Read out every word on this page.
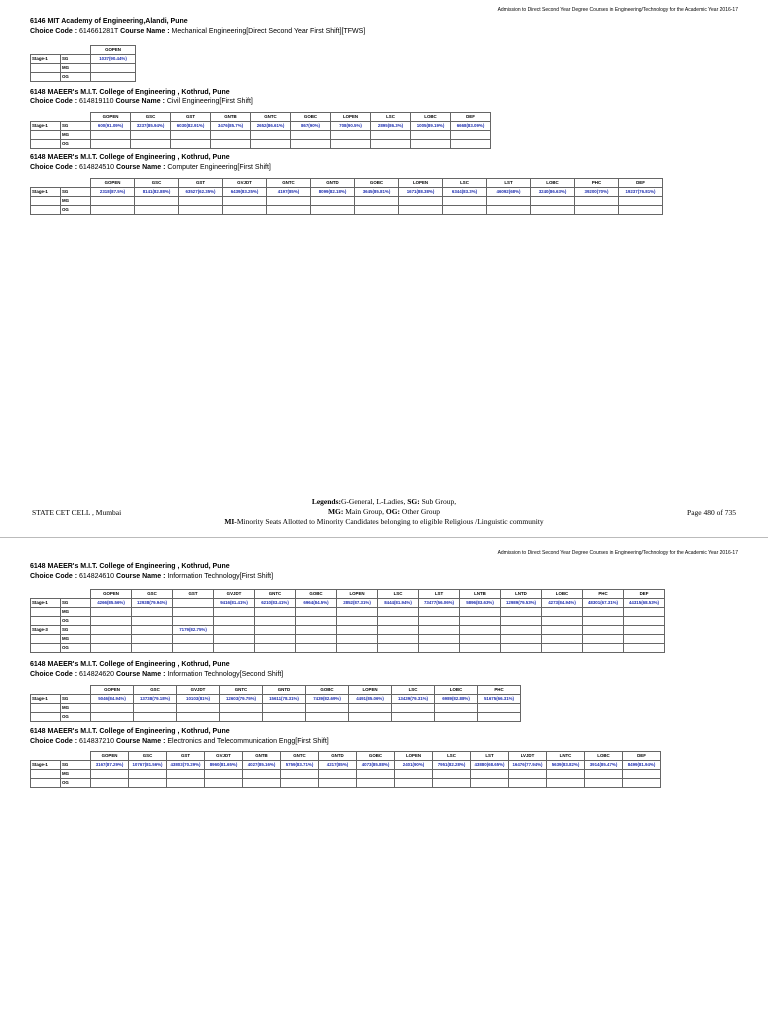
Admission to Direct Second Year Degree Courses in Engineering/Technology for the Academic Year 2016-17
6146 MIT Academy of Engineering,Alandi, Pune
Choice Code : 614661281T Course Name : Mechanical Engineering[Direct Second Year First Shift][TFWS]
		GOPEN
Stage-1	SG	1037(90.44%)
	MG	
	OG	
6148 MAEER's M.I.T. College of Engineering , Kothrud, Pune
Choice Code : 614819110 Course Name : Civil Engineering[First Shift]
		GOPEN	GSC	GST	GNTB	GNTC	GOBC	LOPEN	LSC	LOBC	DEF
Stage-1	SG	600(91.09%)	3237(85.94%)	6030(82.91%)	3476(85.7%)	2652(86.61%)	867(90%)	708(90.5%)	2895(86.3%)	1005(89.19%)	6668(83.09%)
	MG										
	OG										
6148 MAEER's M.I.T. College of Engineering , Kothrud, Pune
Choice Code : 614824510 Course Name : Computer Engineering[First Shift]
		GOPEN	GSC	GST	GVJDT	GNTC	GNTD	GOBC	LOPEN	LSC	LST	LOBC	PHC	DEF
Stage-1	SG	2318(87.5%)	8141(82.88%)	63527(62.35%)	6439(83.25%)	4197(85%)	8099(82.18%)	3645(85.81%)	1671(88.38%)	6344(83.3%)	46092(68%)	3240(86.63%)	39200(70%)	19237(76.81%)
	MG													
	OG													
STATE CET CELL , Mumbai	Page 480 of 735
Legends:G-General, L-Ladies, SG: Sub Group,
MG: Main Group, OG: Other Group
MI-Minority Seats Allotted to Minority Candidates belonging to eligible Religious /Linguistic community
Admission to Direct Second Year Degree Courses in Engineering/Technology for the Academic Year 2016-17
6148 MAEER's M.I.T. College of Engineering , Kothrud, Pune
Choice Code : 614824610 Course Name : Information Technology[First Shift]
		GOPEN	GSC	GST	GVJDT	GNTC	GOBC	LOPEN	LSC	LST	LNTB	LNTD	LOBC	PHC	DEF
Stage-1	SG	4266(85.56%)	12938(79.94%)		9416(81.41%)	6210(83.41%)	6964(84.5%)	2852(87.31%)	8444(81.94%)	73477(56.06%)	5896(83.63%)	12989(79.53%)	4273(84.94%)	48301(67.31%)	44315(68.53%)
	MG														
	OG														
Stage-3	SG			7179(82.75%)											
	MG														
	OG														
6148 MAEER's M.I.T. College of Engineering , Kothrud, Pune
Choice Code : 614824620 Course Name : Information Technology[Second Shift]
		GOPEN	GSC	GVJDT	GNTC	GNTD	GOBC	LOPEN	LSC	LOBC	PHC
Stage-1	SG	5046(84.94%)	13738(79.18%)	10103(81%)	12603(79.75%)	15611(78.31%)	7439(82.69%)	4491(85.06%)	13439(79.31%)	6989(82.88%)	51675(66.31%)
	MG										
	OG										
6148 MAEER's M.I.T. College of Engineering , Kothrud, Pune
Choice Code : 614837210 Course Name : Electronics and Telecommunication Engg[First Shift]
		GOPEN	GSC	GST	GVJDT	GNTB	GNTC	GNTD	GOBC	LOPEN	LSC	LST	LVJDT	LNTC	LOBC	DEF
Stage-1	SG	3167(87.29%)	10767(81.56%)	43803(70.29%)	8960(81.65%)	4027(85.16%)	5759(83.71%)	4217(85%)	4073(85.88%)	2401(90%)	7951(82.28%)	43880(68.65%)	16476(77.94%)	5639(83.82%)	3914(85.47%)	8499(81.94%)
	MG															
	OG															
